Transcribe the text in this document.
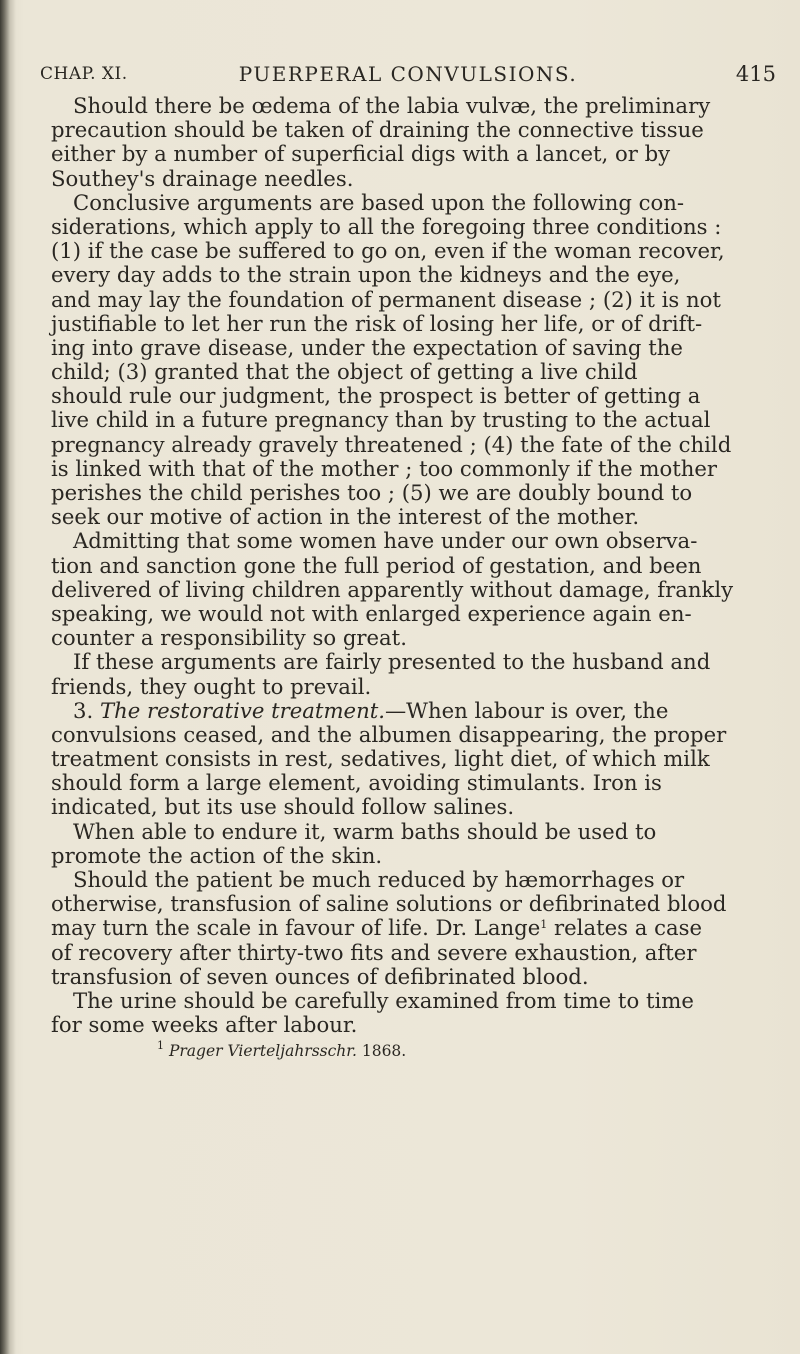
CHAP. XI.	PUERPERAL CONVULSIONS.	415
Should there be œdema of the labia vulvæ, the preliminary
precaution should be taken of draining the connective tissue
either by a number of superficial digs with a lancet, or by
Southey's drainage needles.
Conclusive arguments are based upon the following con-
siderations, which apply to all the foregoing three conditions :
(1) if the case be suffered to go on, even if the woman recover,
every day adds to the strain upon the kidneys and the eye,
and may lay the foundation of permanent disease ; (2) it is not
justifiable to let her run the risk of losing her life, or of drift-
ing into grave disease, under the expectation of saving the
child; (3) granted that the object of getting a live child
should rule our judgment, the prospect is better of getting a
live child in a future pregnancy than by trusting to the actual
pregnancy already gravely threatened ; (4) the fate of the child
is linked with that of the mother ; too commonly if the mother
perishes the child perishes too ; (5) we are doubly bound to
seek our motive of action in the interest of the mother.
Admitting that some women have under our own observa-
tion and sanction gone the full period of gestation, and been
delivered of living children apparently without damage, frankly
speaking, we would not with enlarged experience again en-
counter a responsibility so great.
If these arguments are fairly presented to the husband and
friends, they ought to prevail.
3. The restorative treatment.—When labour is over, the
convulsions ceased, and the albumen disappearing, the proper
treatment consists in rest, sedatives, light diet, of which milk
should form a large element, avoiding stimulants. Iron is
indicated, but its use should follow salines.
When able to endure it, warm baths should be used to
promote the action of the skin.
Should the patient be much reduced by hæmorrhages or
otherwise, transfusion of saline solutions or defibrinated blood
may turn the scale in favour of life. Dr. Lange$^1$ relates a case
of recovery after thirty-two fits and severe exhaustion, after
transfusion of seven ounces of defibrinated blood.
The urine should be carefully examined from time to time
for some weeks after labour.
$^1$ Prager Vierteljahrsschr. 1868.
